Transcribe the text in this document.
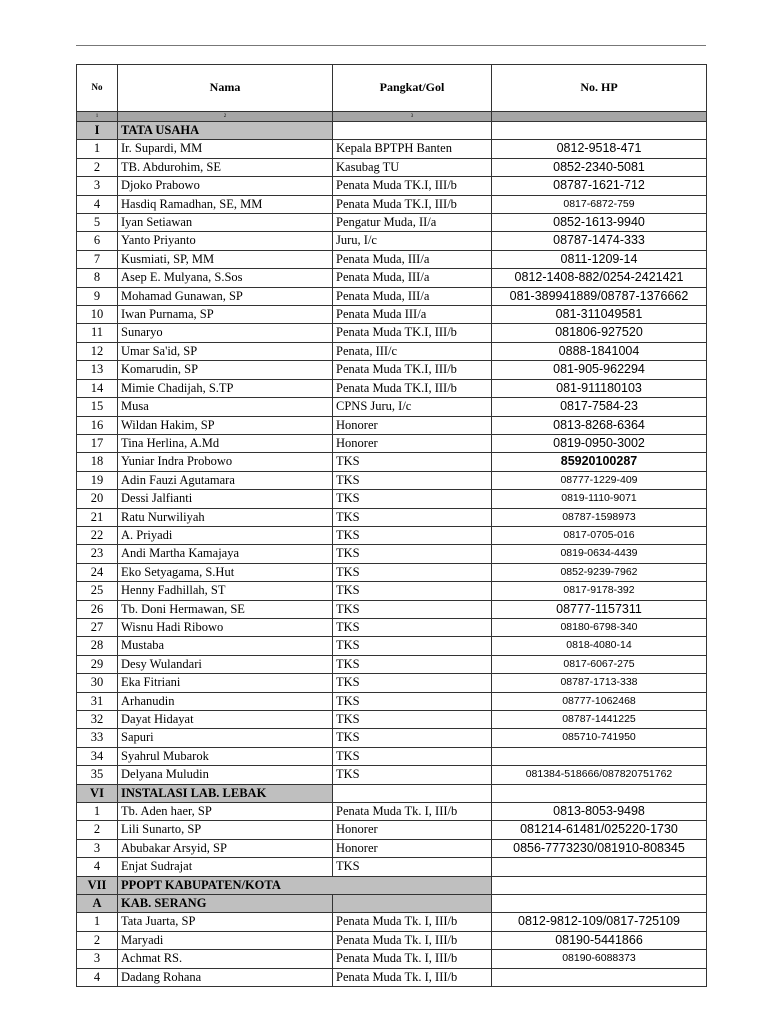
No	Nama	Pangkat/Gol	No. HP
1	2	3	
I	TATA USAHA		
1	Ir. Supardi, MM	Kepala BPTPH Banten	0812-9518-471
2	TB. Abdurohim, SE	Kasubag TU	0852-2340-5081
3	Djoko Prabowo	Penata Muda TK.I, III/b	08787-1621-712
4	Hasdiq Ramadhan, SE, MM	Penata Muda TK.I, III/b	0817-6872-759
5	Iyan Setiawan	Pengatur Muda, II/a	0852-1613-9940
6	Yanto Priyanto	Juru, I/c	08787-1474-333
7	Kusmiati, SP, MM	Penata Muda, III/a	0811-1209-14
8	Asep E. Mulyana, S.Sos	Penata Muda, III/a	0812-1408-882/0254-2421421
9	Mohamad Gunawan, SP	Penata Muda, III/a	081-389941889/08787-1376662
10	Iwan Purnama, SP	Penata Muda III/a	081-311049581
11	Sunaryo	Penata Muda TK.I, III/b	081806-927520
12	Umar Sa'id, SP	Penata, III/c	0888-1841004
13	Komarudin, SP	Penata Muda TK.I, III/b	081-905-962294
14	Mimie Chadijah, S.TP	Penata Muda TK.I, III/b	081-911180103
15	Musa	CPNS Juru, I/c	0817-7584-23
16	Wildan Hakim, SP	Honorer	0813-8268-6364
17	Tina Herlina, A.Md	Honorer	0819-0950-3002
18	Yuniar Indra Probowo	TKS	85920100287
19	Adin Fauzi Agutamara	TKS	08777-1229-409
20	Dessi Jalfianti	TKS	0819-1110-9071
21	Ratu Nurwiliyah	TKS	08787-1598973
22	A. Priyadi	TKS	0817-0705-016
23	Andi Martha Kamajaya	TKS	0819-0634-4439
24	Eko Setyagama, S.Hut	TKS	0852-9239-7962
25	Henny Fadhillah, ST	TKS	0817-9178-392
26	Tb. Doni Hermawan, SE	TKS	08777-1157311
27	Wisnu Hadi Ribowo	TKS	08180-6798-340
28	Mustaba	TKS	0818-4080-14
29	Desy Wulandari	TKS	0817-6067-275
30	Eka Fitriani	TKS	08787-1713-338
31	Arhanudin	TKS	08777-1062468
32	Dayat Hidayat	TKS	08787-1441225
33	Sapuri	TKS	085710-741950
34	Syahrul Mubarok	TKS	
35	Delyana Muludin	TKS	081384-518666/087820751762
VI	INSTALASI LAB. LEBAK		
1	Tb. Aden haer, SP	Penata Muda Tk. I, III/b	0813-8053-9498
2	Lili Sunarto, SP	Honorer	081214-61481/025220-1730
3	Abubakar Arsyid, SP	Honorer	0856-7773230/081910-808345
4	Enjat Sudrajat	TKS	
VII	PPOPT KABUPATEN/KOTA		
A	KAB. SERANG		
1	Tata Juarta, SP	Penata Muda Tk. I, III/b	0812-9812-109/0817-725109
2	Maryadi	Penata Muda Tk. I, III/b	08190-5441866
3	Achmat RS.	Penata Muda Tk. I, III/b	08190-6088373
4	Dadang Rohana	Penata Muda Tk. I, III/b	
